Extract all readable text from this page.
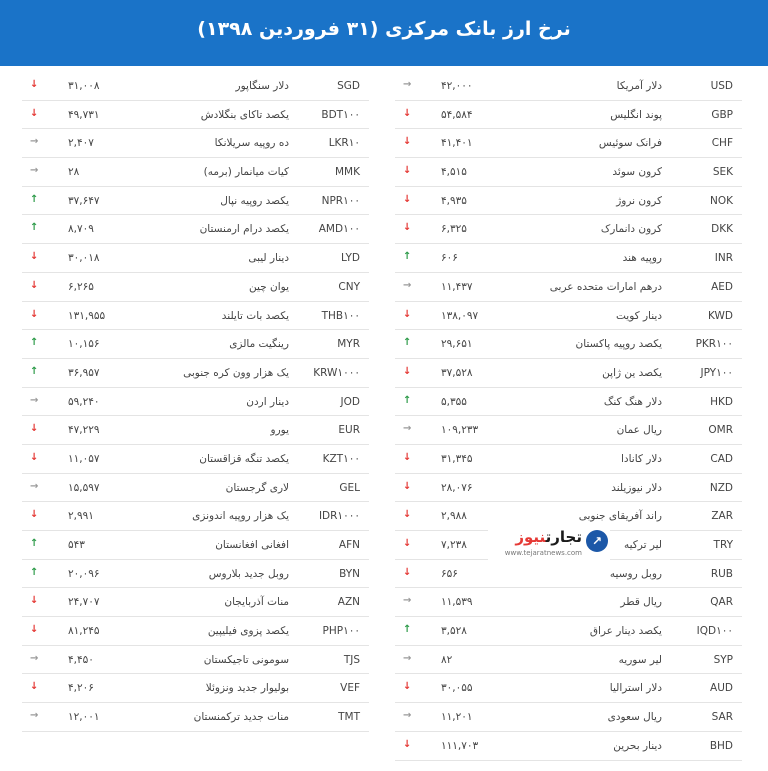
نرخ ارز بانک مرکزی (۳۱ فروردین ۱۳۹۸)
USD
دلار آمریکا
۴۲,۰۰۰
→
GBP
پوند انگلیس
۵۴,۵۸۴
↓
CHF
فرانک سوئیس
۴۱,۴۰۱
↓
SEK
کرون سوئد
۴,۵۱۵
↓
NOK
کرون نروژ
۴,۹۳۵
↓
DKK
کرون دانمارک
۶,۳۲۵
↓
INR
روپیه هند
۶۰۶
↑
AED
درهم امارات متحده عربی
۱۱,۴۳۷
→
KWD
دینار کویت
۱۳۸,۰۹۷
↓
PKR۱۰۰
یکصد روپیه پاکستان
۲۹,۶۵۱
↑
JPY۱۰۰
یکصد ین ژاپن
۳۷,۵۲۸
↓
HKD
دلار هنگ کنگ
۵,۳۵۵
↑
OMR
ریال عمان
۱۰۹,۲۳۳
→
CAD
دلار کانادا
۳۱,۳۴۵
↓
NZD
دلار نیوزیلند
۲۸,۰۷۶
↓
ZAR
راند آفریقای جنوبی
۲,۹۸۸
↓
TRY
لیر ترکیه
۷,۲۳۸
↓
RUB
روبل روسیه
۶۵۶
↓
QAR
ریال قطر
۱۱,۵۳۹
→
IQD۱۰۰
یکصد دینار عراق
۳,۵۲۸
↑
SYP
لیر سوریه
۸۲
→
AUD
دلار استرالیا
۳۰,۰۵۵
↓
SAR
ریال سعودی
۱۱,۲۰۱
→
BHD
دینار بحرین
۱۱۱,۷۰۳
↓
SGD
دلار سنگاپور
۳۱,۰۰۸
↓
BDT۱۰۰
یکصد تاکای بنگلادش
۴۹,۷۳۱
↓
LKR۱۰
ده روپیه سریلانکا
۲,۴۰۷
→
MMK
کیات میانمار (برمه)
۲۸
→
NPR۱۰۰
یکصد روپیه نپال
۳۷,۶۴۷
↑
AMD۱۰۰
یکصد درام ارمنستان
۸,۷۰۹
↑
LYD
دینار لیبی
۳۰,۰۱۸
↓
CNY
یوان چین
۶,۲۶۵
↓
THB۱۰۰
یکصد بات تایلند
۱۳۱,۹۵۵
↓
MYR
رینگیت مالزی
۱۰,۱۵۶
↑
KRW۱۰۰۰
یک هزار وون کره جنوبی
۳۶,۹۵۷
↑
JOD
دینار اردن
۵۹,۲۴۰
→
EUR
یورو
۴۷,۲۲۹
↓
KZT۱۰۰
یکصد تنگه قزاقستان
۱۱,۰۵۷
↓
GEL
لاری گرجستان
۱۵,۵۹۷
→
IDR۱۰۰۰
یک هزار روپیه اندونزی
۲,۹۹۱
↓
AFN
افغانی افغانستان
۵۴۳
↑
BYN
روبل جدید بلاروس
۲۰,۰۹۶
↑
AZN
منات آذربایجان
۲۴,۷۰۷
↓
PHP۱۰۰
یکصد پزوی فیلیپین
۸۱,۲۴۵
↓
TJS
سومونی تاجیکستان
۴,۴۵۰
→
VEF
بولیوار جدید ونزوئلا
۴,۲۰۶
↓
TMT
منات جدید ترکمنستان
۱۲,۰۰۱
→
↗
تجارتنیوز
www.tejaratnews.com
